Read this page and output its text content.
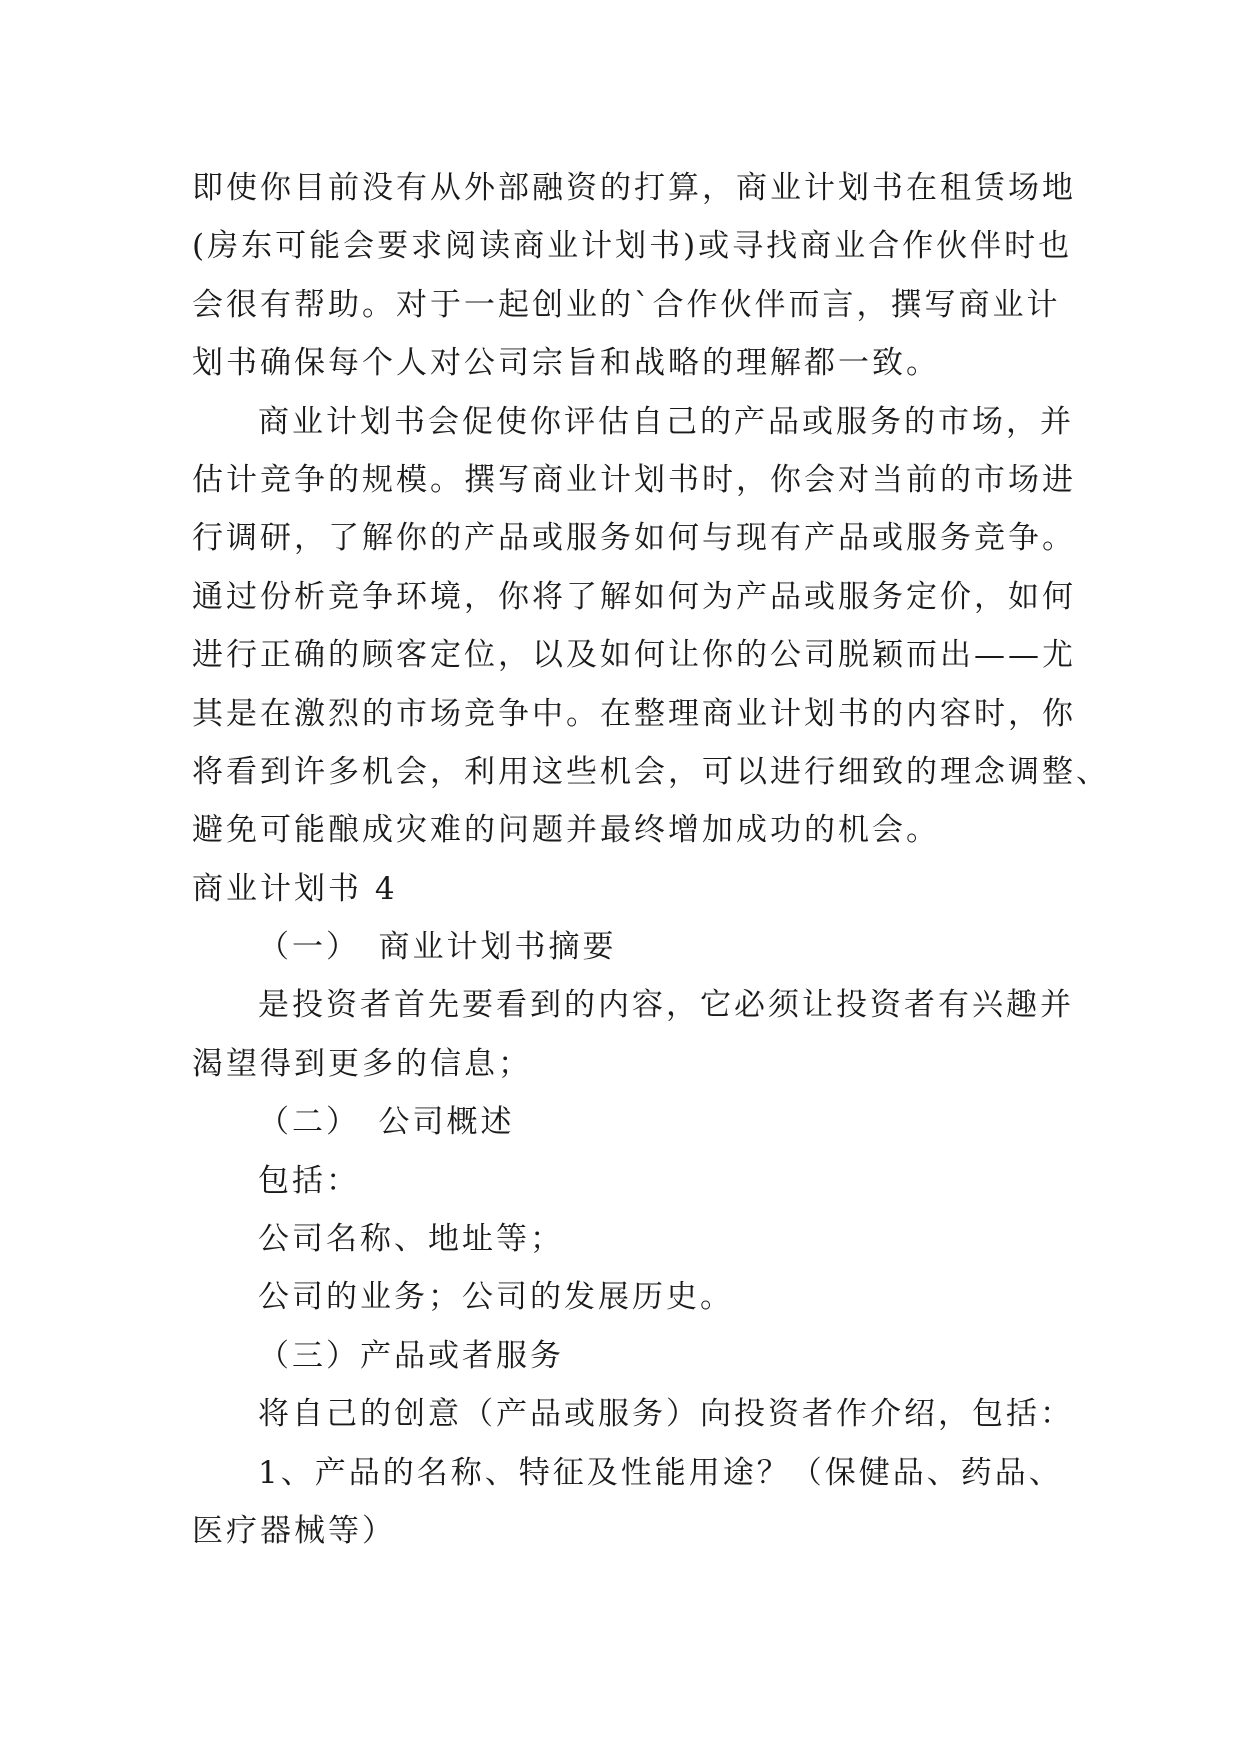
即使你目前没有从外部融资的打算，商业计划书在租赁场地
(房东可能会要求阅读商业计划书)或寻找商业合作伙伴时也
会很有帮助。对于一起创业的`合作伙伴而言，撰写商业计
划书确保每个人对公司宗旨和战略的理解都一致。
商业计划书会促使你评估自己的产品或服务的市场，并
估计竞争的规模。撰写商业计划书时，你会对当前的市场进
行调研，了解你的产品或服务如何与现有产品或服务竞争。
通过份析竞争环境，你将了解如何为产品或服务定价，如何
进行正确的顾客定位，以及如何让你的公司脱颖而出——尤
其是在激烈的市场竞争中。在整理商业计划书的内容时，你
将看到许多机会，利用这些机会，可以进行细致的理念调整、
避免可能酿成灾难的问题并最终增加成功的机会。
商业计划书 4
（一）　商业计划书摘要
是投资者首先要看到的内容，它必须让投资者有兴趣并
渴望得到更多的信息；
（二）　公司概述
包括：
公司名称、地址等；
公司的业务；公司的发展历史。
（三）产品或者服务
将自己的创意（产品或服务）向投资者作介绍，包括：
1、产品的名称、特征及性能用途？（保健品、药品、
医疗器械等）
